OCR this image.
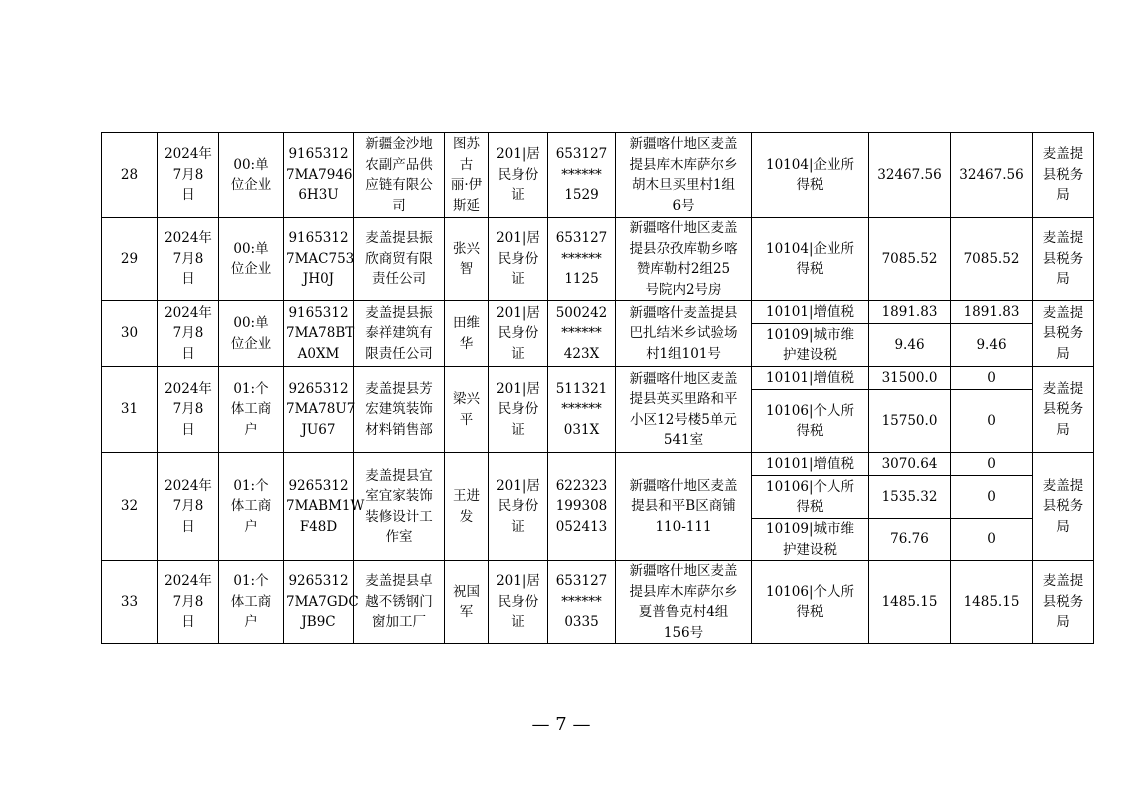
28	2024年
7月8
日	00:单
位企业	9165312
7MA7946
6H3U	新疆金沙地
农副产品供
应链有限公
司	图苏
古
丽·伊
斯延	201|居
民身份
证	653127
******
1529	新疆喀什地区麦盖
提县库木库萨尔乡
胡木旦买里村1组
6号	10104|企业所
得税	32467.56	32467.56	麦盖提
县税务
局
29	2024年
7月8
日	00:单
位企业	9165312
7MAC753
JH0J	麦盖提县振
欣商贸有限
责任公司	张兴
智	201|居
民身份
证	653127
******
1125	新疆喀什地区麦盖
提县尕孜库勒乡喀
赞库勒村2组25
号院内2号房	10104|企业所
得税	7085.52	7085.52	麦盖提
县税务
局
30	2024年
7月8
日	00:单
位企业	9165312
7MA78BT
A0XM	麦盖提县振
泰祥建筑有
限责任公司	田维
华	201|居
民身份
证	500242
******
423X	新疆喀什麦盖提县
巴扎结米乡试验场
村1组101号	10101|增值税	1891.83	1891.83	麦盖提
县税务
局
									10109|城市维
护建设税	9.46	9.46	
31	2024年
7月8
日	01:个
体工商
户	9265312
7MA78U7
JU67	麦盖提县芳
宏建筑装饰
材料销售部	梁兴
平	201|居
民身份
证	511321
******
031X	新疆喀什地区麦盖
提县英买里路和平
小区12号楼5单元
541室	10101|增值税	31500.0	0	麦盖提
县税务
局
									10106|个人所
得税	15750.0	0	
32	2024年
7月8
日	01:个
体工商
户	9265312
7MABM1W
F48D	麦盖提县宜
室宜家装饰
装修设计工
作室	王进
发	201|居
民身份
证	622323
199308
052413	新疆喀什地区麦盖
提县和平B区商铺
110-111	10101|增值税	3070.64	0	麦盖提
县税务
局
									10106|个人所
得税	1535.32	0	
									10109|城市维
护建设税	76.76	0	
33	2024年
7月8
日	01:个
体工商
户	9265312
7MA7GDC
JB9C	麦盖提县卓
越不锈钢门
窗加工厂	祝国
军	201|居
民身份
证	653127
******
0335	新疆喀什地区麦盖
提县库木库萨尔乡
夏普鲁克村4组
156号	10106|个人所
得税	1485.15	1485.15	麦盖提
县税务
局
— 7 —
